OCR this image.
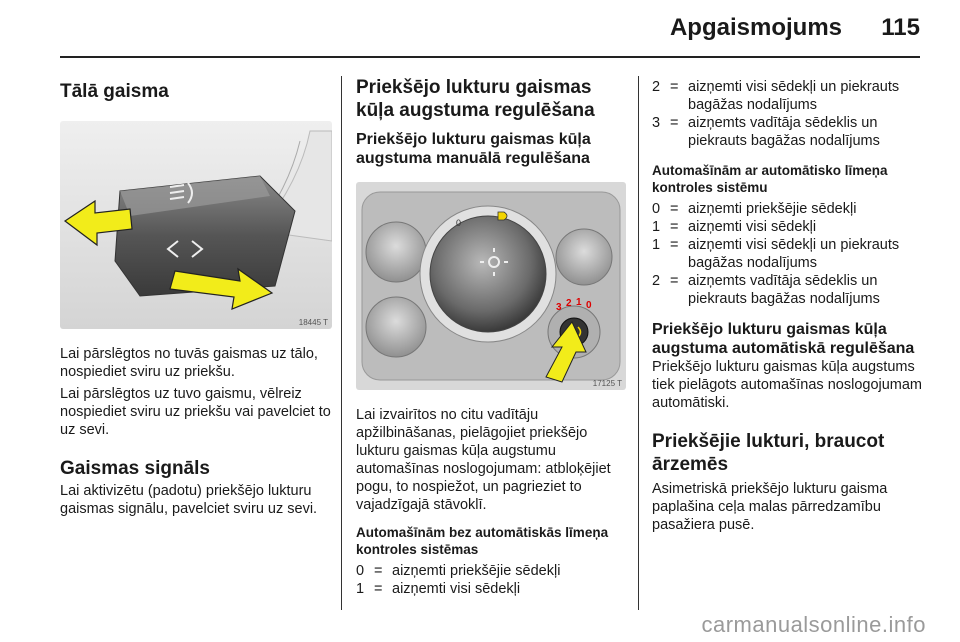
Apgaismojums 115
Tālā gaisma
18445 T

Lai pārslēgtos no tuvās gaismas uz tālo, nospiediet sviru uz priekšu.

Lai pārslēgtos uz tuvo gaismu, vēlreiz nospiediet sviru uz priekšu vai pavelciet to uz sevi.

Gaismas signāls

Lai aktivizētu (padotu) priekšējo lukturu gaismas signālu, pavelciet sviru uz sevi.

Priekšējo lukturu gaismas kūļa augstuma regulēšana
Priekšējo lukturu gaismas kūļa augstuma manuālā regulēšana
0
3 2 1 0
17125 T

Lai izvairītos no citu vadītāju apžilbināšanas, pielāgojiet priekšējo lukturu gaismas kūļa augstumu automašīnas noslogojumam: atbloķējiet pogu, to nospiežot, un pagrieziet to vajadzīgajā stāvoklī.

Automašīnām bez automātiskās līmeņa kontroles sistēmas
0 = aizņemti priekšējie sēdekļi
1 = aizņemti visi sēdekļi
2 = aizņemti visi sēdekļi un piekrauts bagāžas nodalījums
3 = aizņemts vadītāja sēdeklis un piekrauts bagāžas nodalījums
Automašīnām ar automātisko līmeņa kontroles sistēmu
0 = aizņemti priekšējie sēdekļi
1 = aizņemti visi sēdekļi
1 = aizņemti visi sēdekļi un piekrauts bagāžas nodalījums
2 = aizņemts vadītāja sēdeklis un piekrauts bagāžas nodalījums
Priekšējo lukturu gaismas kūļa augstuma automātiskā regulēšana

Priekšējo lukturu gaismas kūļa augstums tiek pielāgots automašīnas noslogojumam automātiski.

Priekšējie lukturi, braucot ārzemēs

Asimetriskā priekšējo lukturu gaisma paplašina ceļa malas pārredzamību pasažiera pusē.

carmanualsonline.info
